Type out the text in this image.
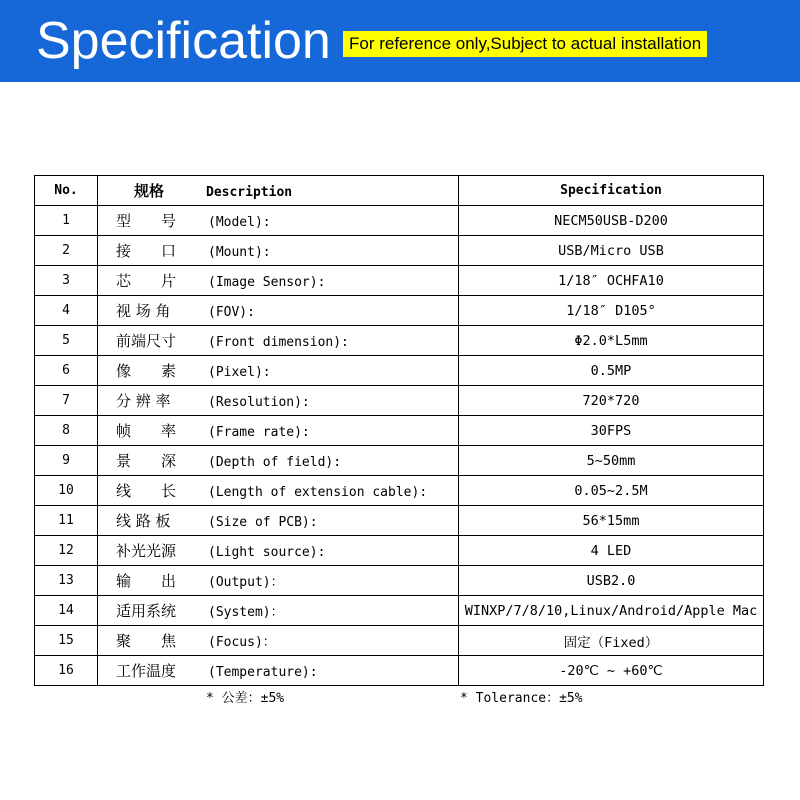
Specification	For reference only,Subject to actual installation
No.	规格 Description	Specification
1	型　　号 (Model):	NECM50USB-D200
2	接　　口 (Mount):	USB/Micro USB
3	芯　　片 (Image Sensor):	1/18″ OCHFA10
4	视 场 角 (FOV):	1/18″ D105°
5	前端尺寸 (Front dimension):	Φ2.0*L5mm
6	像　　素 (Pixel):	0.5MP
7	分 辨 率 (Resolution):	720*720
8	帧　　率 (Frame rate):	30FPS
9	景　　深 (Depth of field):	5~50mm
10	线　　长 (Length of extension cable):	0.05~2.5M
11	线 路 板 (Size of PCB):	56*15mm
12	补光光源 (Light source):	4 LED
13	输　　出 (Output)：	USB2.0
14	适用系统 (System)：	WINXP/7/8/10,Linux/Android/Apple Mac
15	聚　　焦 (Focus)：	固定（Fixed）
16	工作温度 (Temperature):	-20℃ ~ +60℃
* 公差：±5%	* Tolerance：±5%
